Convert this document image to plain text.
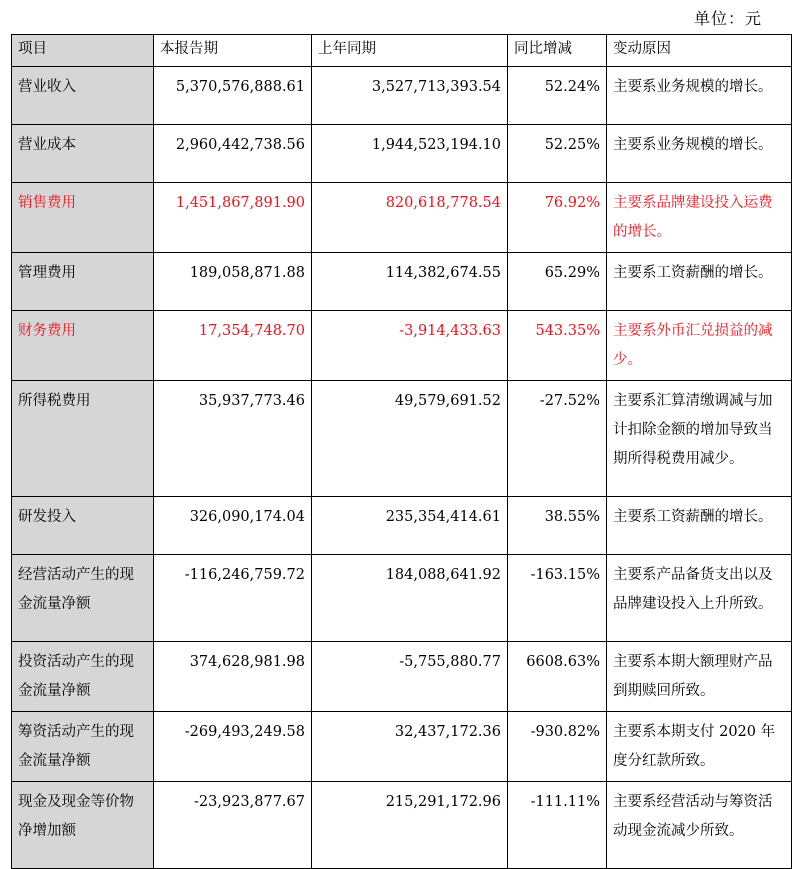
单位：元
项目	本报告期	上年同期	同比增减	变动原因
营业收入	5,370,576,888.61	3,527,713,393.54	52.24%	主要系业务规模的增长。
营业成本	2,960,442,738.56	1,944,523,194.10	52.25%	主要系业务规模的增长。
销售费用	1,451,867,891.90	820,618,778.54	76.92%	主要系品牌建设投入运费的增长。
管理费用	189,058,871.88	114,382,674.55	65.29%	主要系工资薪酬的增长。
财务费用	17,354,748.70	-3,914,433.63	543.35%	主要系外币汇兑损益的减少。
所得税费用	35,937,773.46	49,579,691.52	-27.52%	主要系汇算清缴调减与加计扣除金额的增加导致当期所得税费用减少。
研发投入	326,090,174.04	235,354,414.61	38.55%	主要系工资薪酬的增长。
经营活动产生的现金流量净额	-116,246,759.72	184,088,641.92	-163.15%	主要系产品备货支出以及品牌建设投入上升所致。
投资活动产生的现金流量净额	374,628,981.98	-5,755,880.77	6608.63%	主要系本期大额理财产品到期赎回所致。
筹资活动产生的现金流量净额	-269,493,249.58	32,437,172.36	-930.82%	主要系本期支付 2020 年度分红款所致。
现金及现金等价物净增加额	-23,923,877.67	215,291,172.96	-111.11%	主要系经营活动与筹资活动现金流减少所致。
